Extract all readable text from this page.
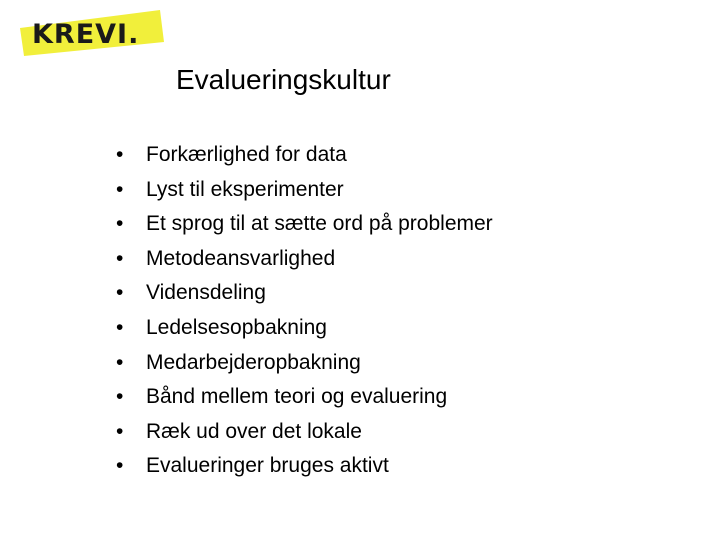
KREVI.
Evalueringskultur
• Forkærlighed for data
• Lyst til eksperimenter
• Et sprog til at sætte ord på problemer
• Metodeansvarlighed
• Vidensdeling
• Ledelsesopbakning
• Medarbejderopbakning
• Bånd mellem teori og evaluering
• Ræk ud over det lokale
• Evalueringer bruges aktivt
